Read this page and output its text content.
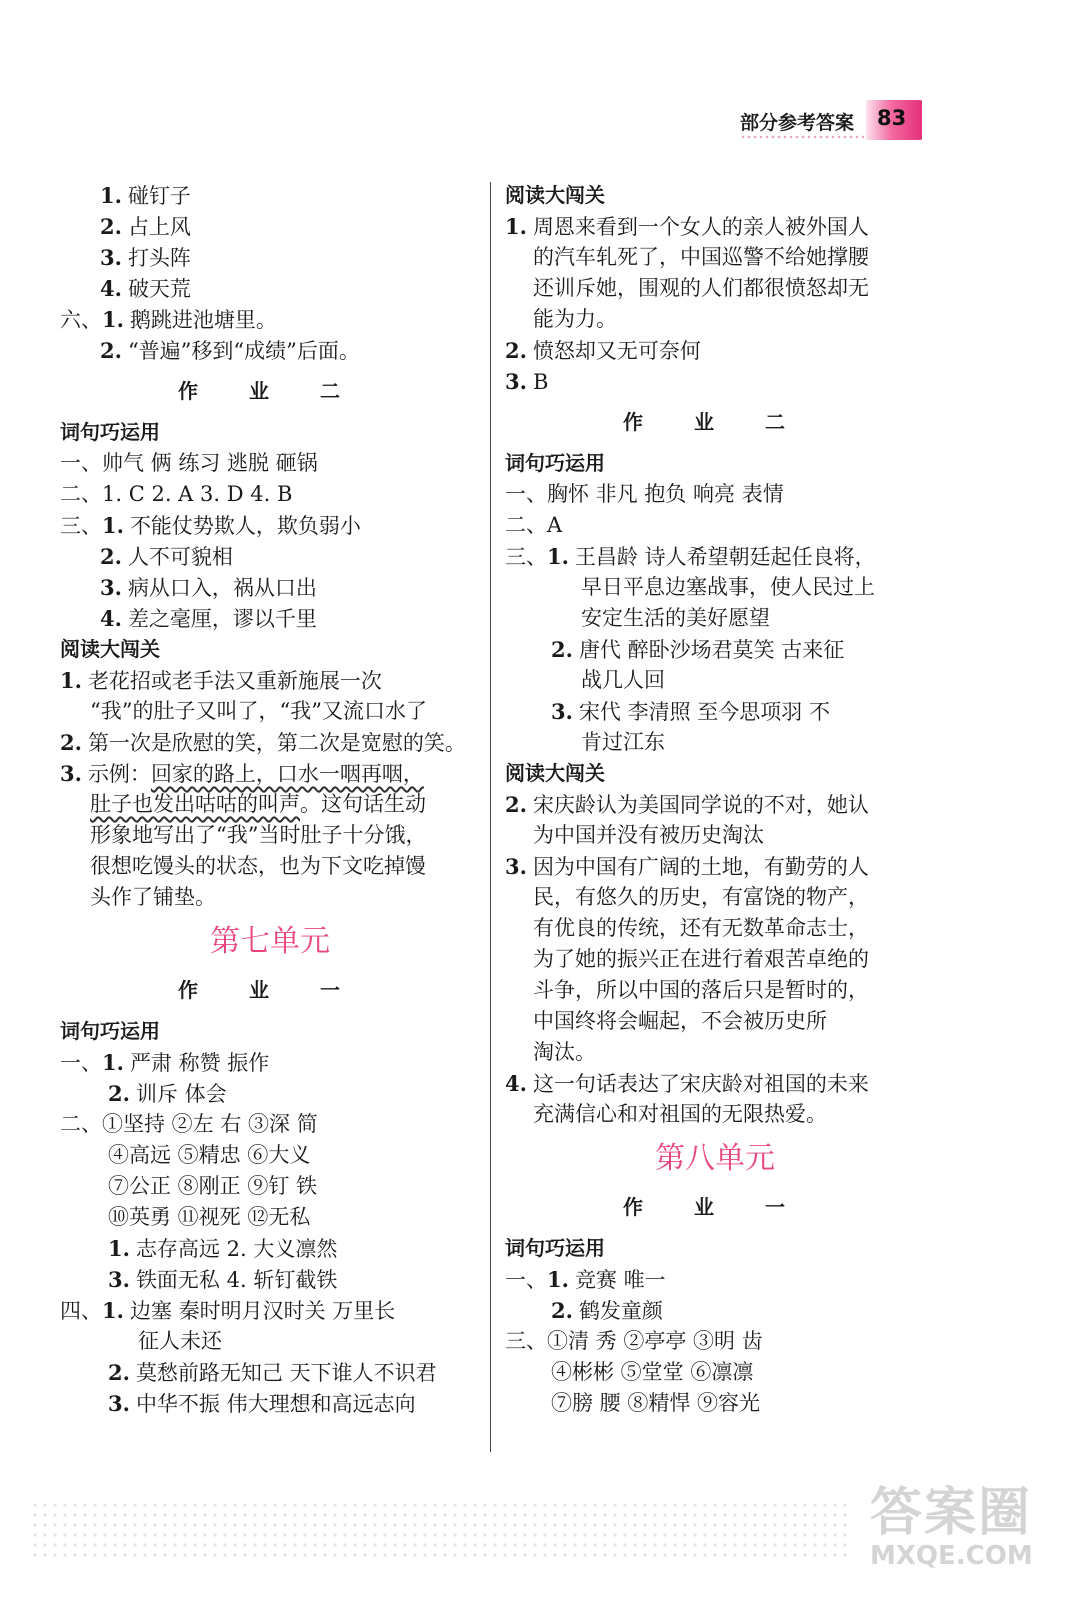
部分参考答案 83
1. 碰钉子
2. 占上风
3. 打头阵
4. 破天荒
六、1. 鹅跳进池塘里。
2. “普遍”移到“成绩”后面。
作 业 二
词句巧运用
一、帅气 俩 练习 逃脱 砸锅
二、1. C 2. A 3. D 4. B
三、1. 不能仗势欺人，欺负弱小
2. 人不可貌相
3. 病从口入，祸从口出
4. 差之毫厘，谬以千里
阅读大闯关
1. 老花招或老手法又重新施展一次
“我”的肚子又叫了，“我”又流口水了
2. 第一次是欣慰的笑，第二次是宽慰的笑。
3. 示例：回家的路上，口水一咽再咽，
肚子也发出咕咕的叫声。这句话生动
形象地写出了“我”当时肚子十分饿，
很想吃馒头的状态，也为下文吃掉馒
头作了铺垫。
第七单元
作 业 一
词句巧运用
一、1. 严肃 称赞 振作
2. 训斥 体会
二、①坚持 ②左 右 ③深 简
④高远 ⑤精忠 ⑥大义
⑦公正 ⑧刚正 ⑨钉 铁
⑩英勇 ⑪视死 ⑫无私
1. 志存高远 2. 大义凛然
3. 铁面无私 4. 斩钉截铁
四、1. 边塞 秦时明月汉时关 万里长
征人未还
2. 莫愁前路无知己 天下谁人不识君
3. 中华不振 伟大理想和高远志向
阅读大闯关
1. 周恩来看到一个女人的亲人被外国人
的汽车轧死了，中国巡警不给她撑腰
还训斥她，围观的人们都很愤怒却无
能为力。
2. 愤怒却又无可奈何
3. B
作 业 二
词句巧运用
一、胸怀 非凡 抱负 响亮 表情
二、A
三、1. 王昌龄 诗人希望朝廷起任良将，
早日平息边塞战事，使人民过上
安定生活的美好愿望
2. 唐代 醉卧沙场君莫笑 古来征
战几人回
3. 宋代 李清照 至今思项羽 不
肯过江东
阅读大闯关
2. 宋庆龄认为美国同学说的不对，她认
为中国并没有被历史淘汰
3. 因为中国有广阔的土地，有勤劳的人
民，有悠久的历史，有富饶的物产，
有优良的传统，还有无数革命志士，
为了她的振兴正在进行着艰苦卓绝的
斗争，所以中国的落后只是暂时的，
中国终将会崛起，不会被历史所
淘汰。
4. 这一句话表达了宋庆龄对祖国的未来
充满信心和对祖国的无限热爱。
第八单元
作 业 一
词句巧运用
一、1. 竞赛 唯一
2. 鹤发童颜
三、①清 秀 ②亭亭 ③明 齿
④彬彬 ⑤堂堂 ⑥凛凛
⑦膀 腰 ⑧精悍 ⑨容光
答案圈
MXQE.COM
